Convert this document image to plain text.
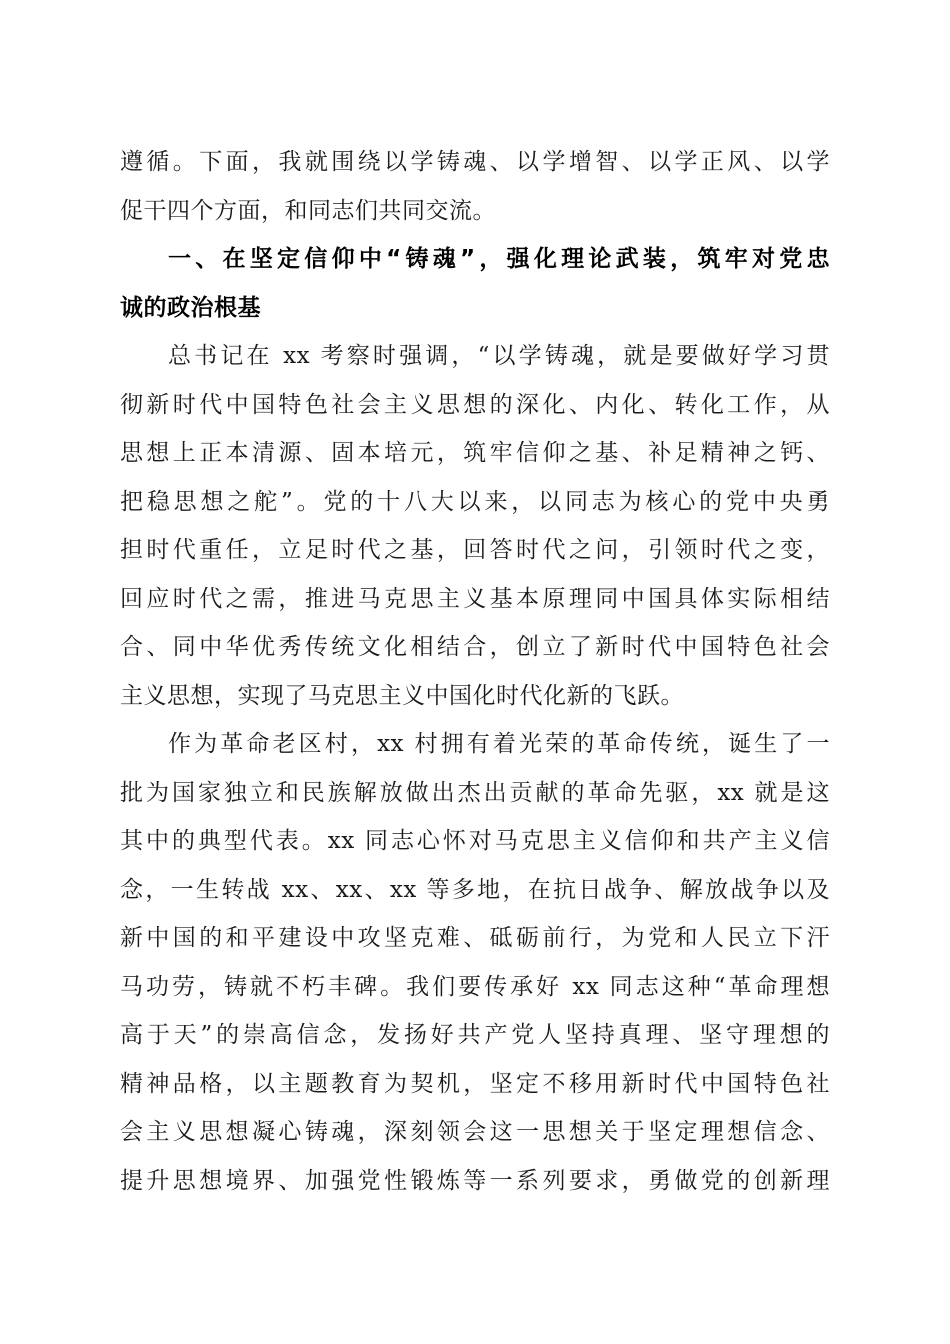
遵循。下面，我就围绕以学铸魂、以学增智、以学正风、以学
促干四个方面，和同志们共同交流。
一、在坚定信仰中“铸魂”，强化理论武装，筑牢对党忠
诚的政治根基
总书记在 xx 考察时强调，“以学铸魂，就是要做好学习贯
彻新时代中国特色社会主义思想的深化、内化、转化工作，从
思想上正本清源、固本培元，筑牢信仰之基、补足精神之钙、
把稳思想之舵”。党的十八大以来，以同志为核心的党中央勇
担时代重任，立足时代之基，回答时代之问，引领时代之变，
回应时代之需，推进马克思主义基本原理同中国具体实际相结
合、同中华优秀传统文化相结合，创立了新时代中国特色社会
主义思想，实现了马克思主义中国化时代化新的飞跃。
作为革命老区村，xx 村拥有着光荣的革命传统，诞生了一
批为国家独立和民族解放做出杰出贡献的革命先驱，xx 就是这
其中的典型代表。xx 同志心怀对马克思主义信仰和共产主义信
念，一生转战 xx、xx、xx 等多地，在抗日战争、解放战争以及
新中国的和平建设中攻坚克难、砥砺前行，为党和人民立下汗
马功劳，铸就不朽丰碑。我们要传承好 xx 同志这种“革命理想
高于天”的崇高信念，发扬好共产党人坚持真理、坚守理想的
精神品格，以主题教育为契机，坚定不移用新时代中国特色社
会主义思想凝心铸魂，深刻领会这一思想关于坚定理想信念、
提升思想境界、加强党性锻炼等一系列要求，勇做党的创新理
